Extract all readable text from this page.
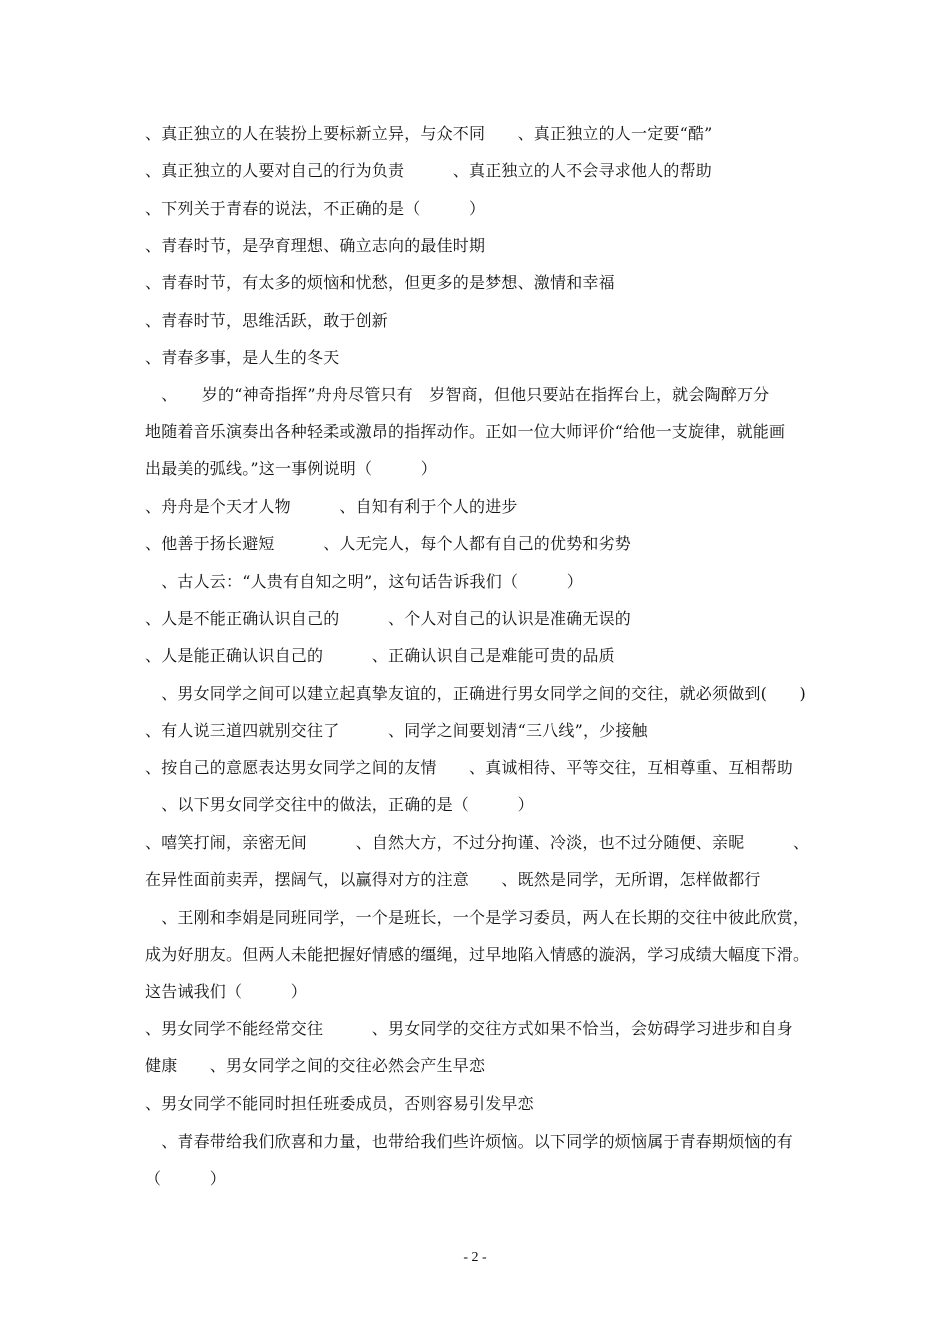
、真正独立的人在装扮上要标新立异，与众不同　　、真正独立的人一定要“酷”
、真正独立的人要对自己的行为负责　　　、真正独立的人不会寻求他人的帮助
、下列关于青春的说法，不正确的是（　　　）
、青春时节，是孕育理想、确立志向的最佳时期
、青春时节，有太多的烦恼和忧愁，但更多的是梦想、激情和幸福
、青春时节，思维活跃，敢于创新
、青春多事，是人生的冬天
　、　　岁的“神奇指挥”舟舟尽管只有　岁智商，但他只要站在指挥台上，就会陶醉万分
地随着音乐演奏出各种轻柔或激昂的指挥动作。正如一位大师评价“给他一支旋律，就能画
出最美的弧线。”这一事例说明（　　　）
、舟舟是个天才人物　　　、自知有利于个人的进步
、他善于扬长避短　　　、人无完人，每个人都有自己的优势和劣势
　、古人云：“人贵有自知之明”，这句话告诉我们（　　　）
、人是不能正确认识自己的　　　、个人对自己的认识是准确无误的
、人是能正确认识自己的　　　、正确认识自己是难能可贵的品质
　、男女同学之间可以建立起真挚友谊的，正确进行男女同学之间的交往，就必须做到(　　)
、有人说三道四就别交往了　　　、同学之间要划清“三八线”，少接触
、按自己的意愿表达男女同学之间的友情　　、真诚相待、平等交往，互相尊重、互相帮助
　、以下男女同学交往中的做法，正确的是（　　　）
、嘻笑打闹，亲密无间　　　、自然大方，不过分拘谨、冷淡，也不过分随便、亲昵　　　、
在异性面前卖弄，摆阔气，以赢得对方的注意　　、既然是同学，无所谓，怎样做都行
　、王刚和李娟是同班同学，一个是班长，一个是学习委员，两人在长期的交往中彼此欣赏，
成为好朋友。但两人未能把握好情感的缰绳，过早地陷入情感的漩涡，学习成绩大幅度下滑。
这告诫我们（　　　）
、男女同学不能经常交往　　　、男女同学的交往方式如果不恰当，会妨碍学习进步和自身
健康　　、男女同学之间的交往必然会产生早恋
、男女同学不能同时担任班委成员，否则容易引发早恋
　、青春带给我们欣喜和力量，也带给我们些许烦恼。以下同学的烦恼属于青春期烦恼的有
（　　　）
- 2 -
